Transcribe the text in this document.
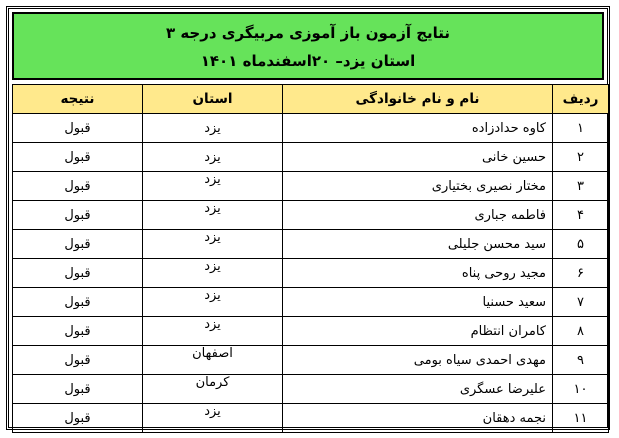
نتایج آزمون باز آموزی مربیگری درجه ۳
استان یزد– ۲۰اسفندماه ۱۴۰۱
ردیف	نام و نام خانوادگی	استان	نتیجه
۱	کاوه حدادزاده	یزد	قبول
۲	حسین خانی	یزد	قبول
۳	مختار نصیری بختیاری	یزد	قبول
۴	فاطمه جباری	یزد	قبول
۵	سید محسن جلیلی	یزد	قبول
۶	مجید روحی پناه	یزد	قبول
۷	سعید حسنیا	یزد	قبول
۸	کامران انتظام	یزد	قبول
۹	مهدی احمدی سیاه بومی	اصفهان	قبول
۱۰	علیرضا عسگری	کرمان	قبول
۱۱	نجمه دهقان	یزد	قبول
